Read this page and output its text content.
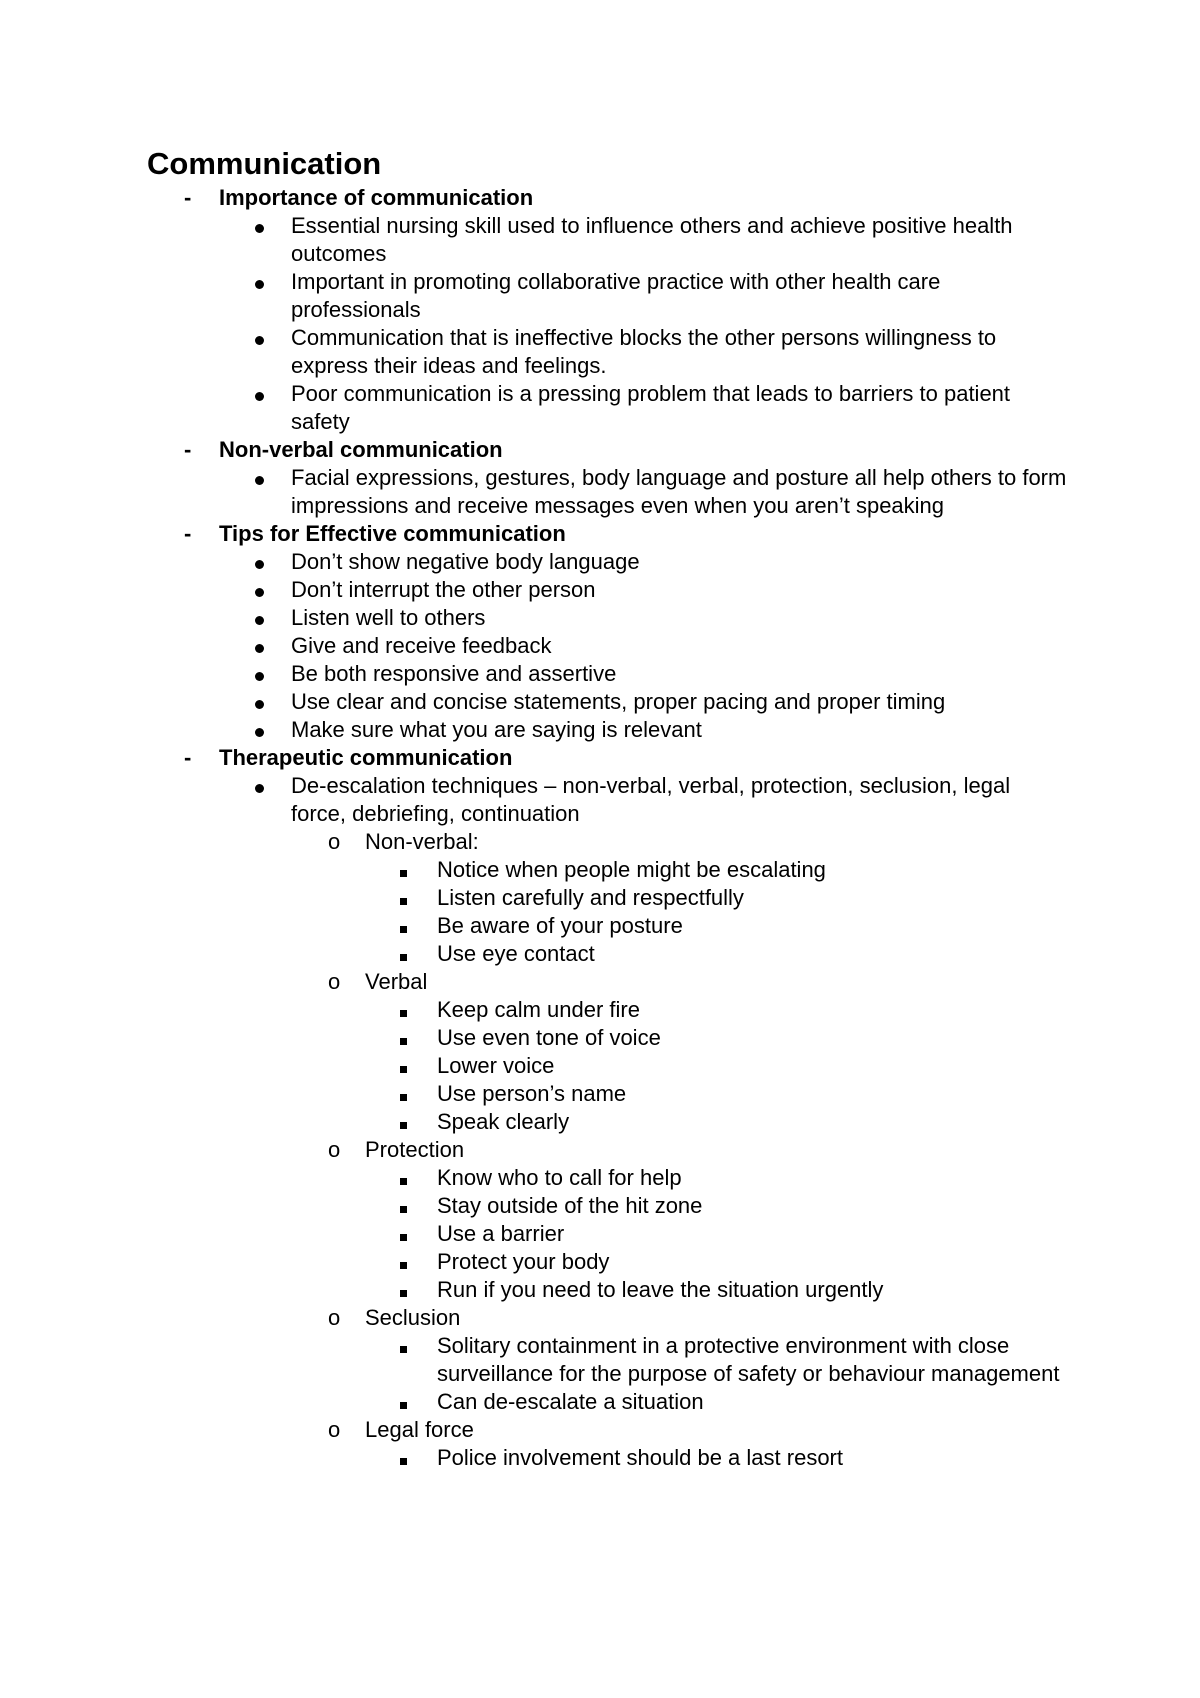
Communication
- Importance of communication
Essential nursing skill used to influence others and achieve positive health outcomes
Important in promoting collaborative practice with other health care professionals
Communication that is ineffective blocks the other persons willingness to express their ideas and feelings.
Poor communication is a pressing problem that leads to barriers to patient safety
- Non-verbal communication
Facial expressions, gestures, body language and posture all help others to form impressions and receive messages even when you aren’t speaking
- Tips for Effective communication
Don’t show negative body language
Don’t interrupt the other person
Listen well to others
Give and receive feedback
Be both responsive and assertive
Use clear and concise statements, proper pacing and proper timing
Make sure what you are saying is relevant
- Therapeutic communication
De-escalation techniques – non-verbal, verbal, protection, seclusion, legal force, debriefing, continuation
o Non-verbal:
Notice when people might be escalating
Listen carefully and respectfully
Be aware of your posture
Use eye contact
o Verbal
Keep calm under fire
Use even tone of voice
Lower voice
Use person’s name
Speak clearly
o Protection
Know who to call for help
Stay outside of the hit zone
Use a barrier
Protect your body
Run if you need to leave the situation urgently
o Seclusion
Solitary containment in a protective environment with close surveillance for the purpose of safety or behaviour management
Can de-escalate a situation
o Legal force
Police involvement should be a last resort
